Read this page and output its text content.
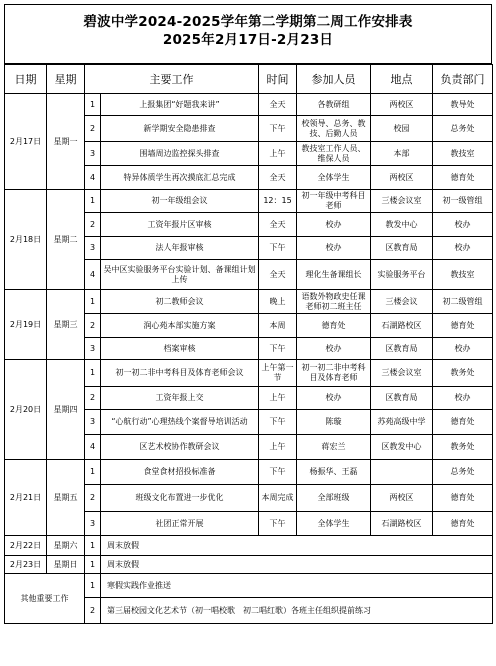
碧波中学2024-2025学年第二学期第二周工作安排表
2025年2月17日-2月23日
日期	星期	主要工作		时间	参加人员	地点	负责部门
2月17日	星期一	1	上报集团“好题我来讲”	全天	各教研组	两校区	教导处
		2	新学期安全隐患排查	下午	校领导、总务、教技、后勤人员	校园	总务处
		3	围墙周边监控探头排查	上午	教技室工作人员、维保人员	本部	教技室
		4	特异体质学生再次摸底汇总完成	全天	全体学生	两校区	德育处
2月18日	星期二	1	初一年级组会议	12：15	初一年级中考科目老师	三楼会议室	初一级管组
		2	工资年报片区审核	全天	校办	教发中心	校办
		3	法人年报审核	下午	校办	区教育局	校办
		4	吴中区实验服务平台实验计划、备课组计划上传	全天	理化生备课组长	实验服务平台	教技室
2月19日	星期三	1	初二教师会议	晚上	语数外物政史任课老师初二班主任	三楼会议	初二级管组
		2	润心苑本部实施方案	本周	德育处	石湖路校区	德育处
		3	档案审核	下午	校办	区教育局	校办
2月20日	星期四	1	初一初二非中考科目及体育老师会议	上午第一节	初一初二非中考科目及体育老师	三楼会议室	教务处
		2	工资年报上交	上午	校办	区教育局	校办
		3	“心航行动”心理热线个案督导培训活动	下午	陈璇	苏苑高级中学	德育处
		4	区艺术校协作教研会议	上午	蒋宏兰	区教发中心	教务处
2月21日	星期五	1	食堂食材招投标准备	下午	杨振华、王磊		总务处
		2	班级文化布置进一步优化	本周完成	全部班级	两校区	德育处
		3	社团正常开展	下午	全体学生	石湖路校区	德育处
2月22日	星期六	1	周末放假				
2月23日	星期日	1	周末放假				
其他重要工作		1	寒假实践作业推送				
		2	第三届校园文化艺术节（初一唱校歌　初二唱红歌）各班主任组织提前练习				
